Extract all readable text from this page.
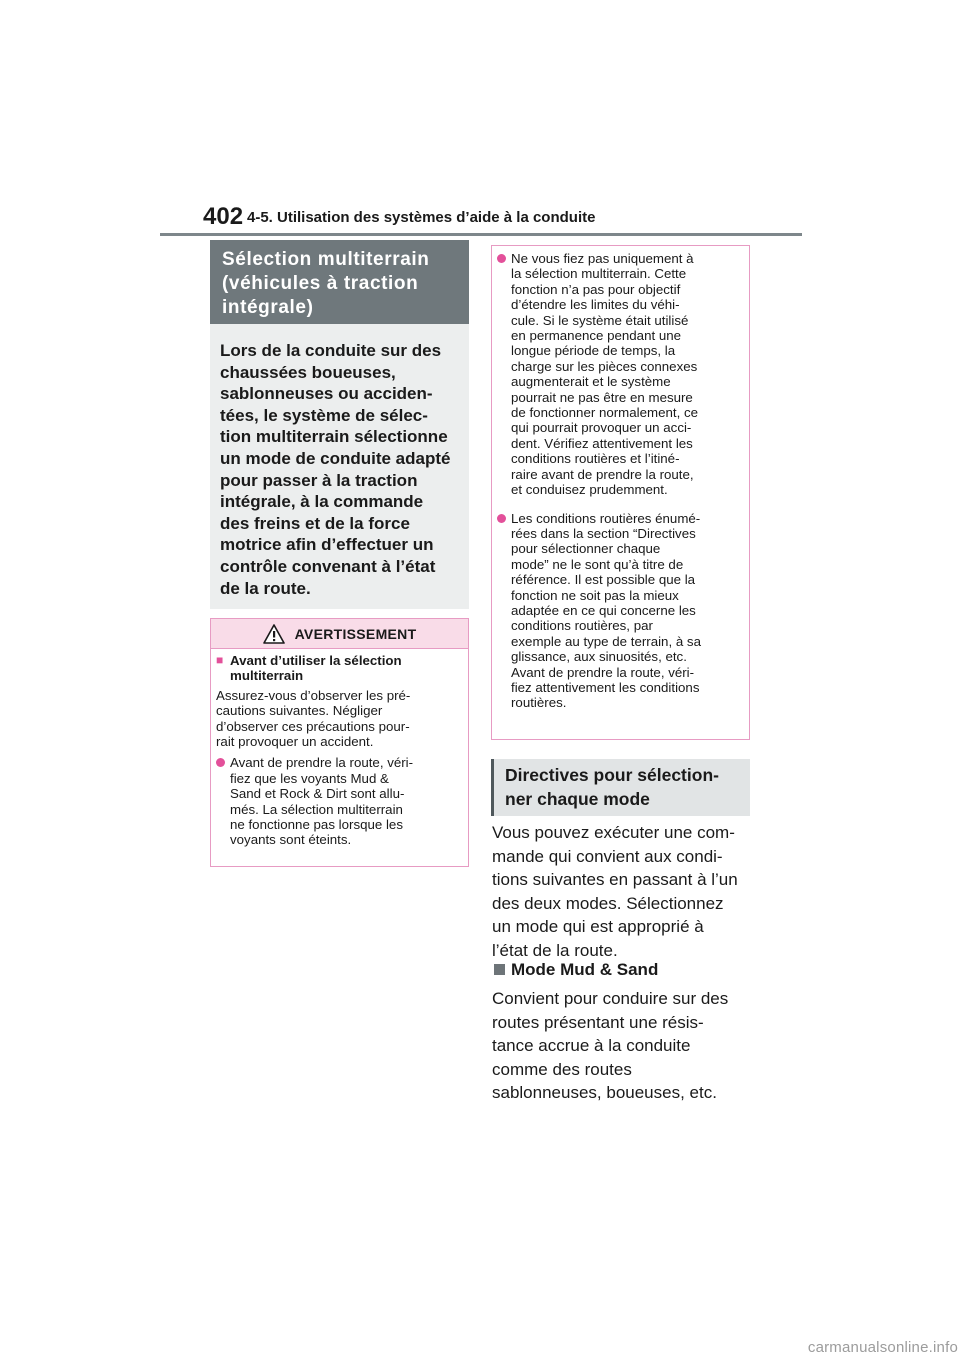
402 4-5. Utilisation des systèmes d’aide à la conduite
Sélection multiterrain
(véhicules à traction
intégrale)
Lors de la conduite sur des
chaussées boueuses,
sablonneuses ou acciden-
tées, le système de sélec-
tion multiterrain sélectionne
un mode de conduite adapté
pour passer à la traction
intégrale, à la commande
des freins et de la force
motrice afin d’effectuer un
contrôle convenant à l’état
de la route.
AVERTISSEMENT
■ Avant d’utiliser la sélection
multiterrain
Assurez-vous d’observer les pré-
cautions suivantes. Négliger
d’observer ces précautions pour-
rait provoquer un accident.
Avant de prendre la route, véri-
fiez que les voyants Mud &
Sand et Rock & Dirt sont allu-
més. La sélection multiterrain
ne fonctionne pas lorsque les
voyants sont éteints.
Ne vous fiez pas uniquement à
la sélection multiterrain. Cette
fonction n’a pas pour objectif
d’étendre les limites du véhi-
cule. Si le système était utilisé
en permanence pendant une
longue période de temps, la
charge sur les pièces connexes
augmenterait et le système
pourrait ne pas être en mesure
de fonctionner normalement, ce
qui pourrait provoquer un acci-
dent. Vérifiez attentivement les
conditions routières et l’itiné-
raire avant de prendre la route,
et conduisez prudemment.
Les conditions routières énumé-
rées dans la section “Directives
pour sélectionner chaque
mode” ne le sont qu’à titre de
référence. Il est possible que la
fonction ne soit pas la mieux
adaptée en ce qui concerne les
conditions routières, par
exemple au type de terrain, à sa
glissance, aux sinuosités, etc.
Avant de prendre la route, véri-
fiez attentivement les conditions
routières.
Directives pour sélection-
ner chaque mode
Vous pouvez exécuter une com-
mande qui convient aux condi-
tions suivantes en passant à l’un
des deux modes. Sélectionnez
un mode qui est approprié à
l’état de la route.
Mode Mud & Sand
Convient pour conduire sur des
routes présentant une résis-
tance accrue à la conduite
comme des routes
sablonneuses, boueuses, etc.
carmanualsonline.info
